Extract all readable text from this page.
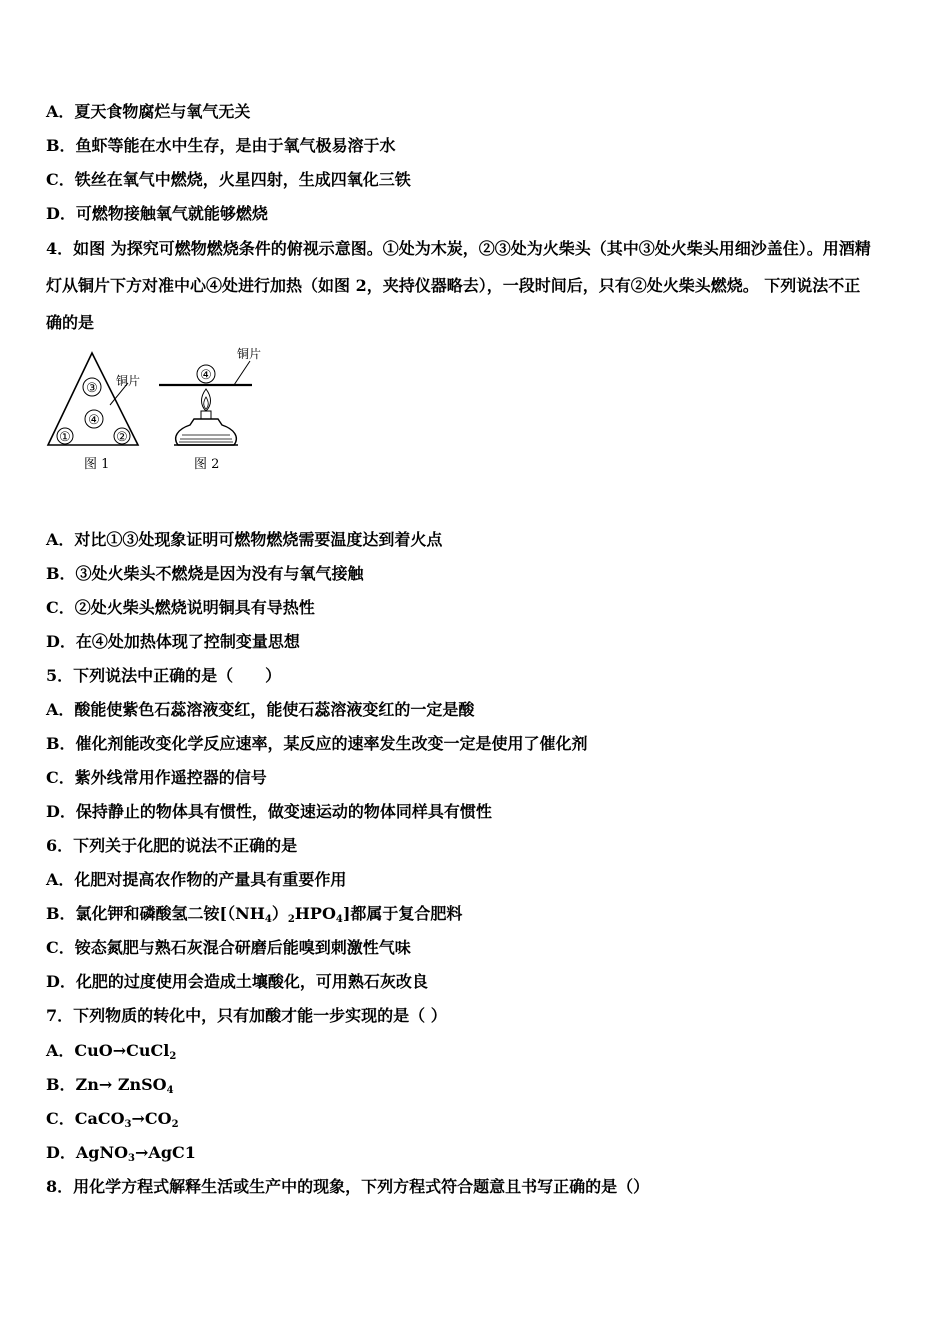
A．夏天食物腐烂与氧气无关
B．鱼虾等能在水中生存，是由于氧气极易溶于水
C．铁丝在氧气中燃烧，火星四射，生成四氧化三铁
D．可燃物接触氧气就能够燃烧
4．如图 为探究可燃物燃烧条件的俯视示意图。①处为木炭，②③处为火柴头（其中③处火柴头用细沙盖住）。用酒精
灯从铜片下方对准中心④处进行加热（如图 2，夹持仪器略去），一段时间后，只有②处火柴头燃烧。 下列说法不正
确的是
③
④
①	②
铜片
图 1
④
铜片
图 2
A．对比①③处现象证明可燃物燃烧需要温度达到着火点
B．③处火柴头不燃烧是因为没有与氧气接触
C．②处火柴头燃烧说明铜具有导热性
D．在④处加热体现了控制变量思想
5．下列说法中正确的是（　　）
A．酸能使紫色石蕊溶液变红，能使石蕊溶液变红的一定是酸
B．催化剂能改变化学反应速率，某反应的速率发生改变一定是使用了催化剂
C．紫外线常用作遥控器的信号
D．保持静止的物体具有惯性，做变速运动的物体同样具有惯性
6．下列关于化肥的说法不正确的是
A．化肥对提高农作物的产量具有重要作用
B．氯化钾和磷酸氢二铵$[(NH_4)_2HPO_4]$都属于复合肥料
C．铵态氮肥与熟石灰混合研磨后能嗅到刺激性气味
D．化肥的过度使用会造成土壤酸化，可用熟石灰改良
7．下列物质的转化中，只有加酸才能一步实现的是（ ）
A．CuO→CuCl$_2$
B．Zn→ ZnSO$_4$
C．$CaCO_3\to CO_2$
D．AgNO$_3$→AgC1
8．用化学方程式解释生活或生产中的现象，下列方程式符合题意且书写正确的是（）
